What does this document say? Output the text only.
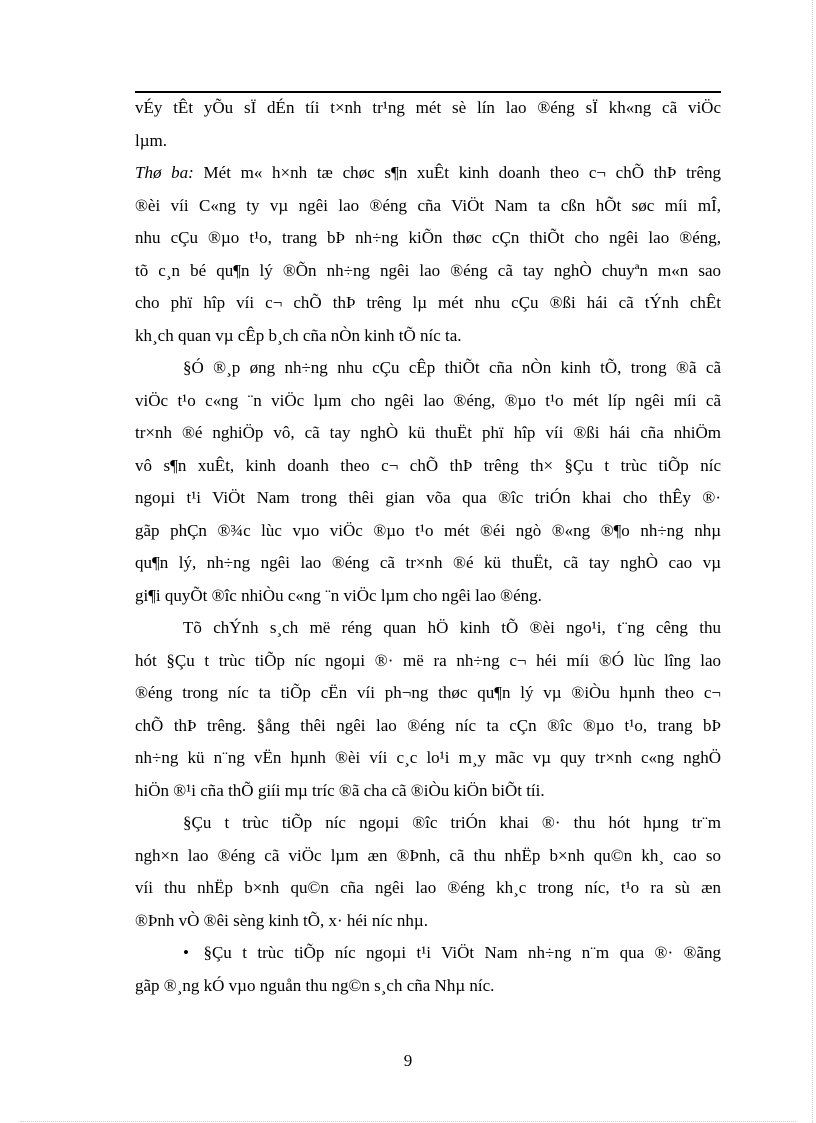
vÉy tÊt yÕu sÏ dÉn tíi t×nh tr¹ng mét sè lín lao ®éng sÏ kh«ng cã viÖc
lµm.
Thø ba: Mét m« h×nh tæ chøc s¶n xuÊt kinh doanh theo c¬ chÕ thÞ trêng
®èi víi C«ng ty vµ ngêi lao ®éng cña ViÖt Nam ta cßn hÕt søc míi mÎ,
nhu cÇu ®µo t¹o, trang bÞ nh÷ng kiÕn thøc cÇn thiÕt cho ngêi lao ®éng,
tõ c¸n bé qu¶n lý ®Õn nh÷ng ngêi lao ®éng cã tay nghÒ chuyªn m«n sao
cho phï hîp víi c¬ chÕ thÞ trêng lµ mét nhu cÇu ®ßi hái cã tÝnh chÊt
kh¸ch quan vµ cÊp b¸ch cña nÒn kinh tÕ níc ta.
§Ó ®¸p øng nh÷ng nhu cÇu cÊp thiÕt cña nÒn kinh tÕ, trong ®ã cã
viÖc t¹o c«ng ¨n viÖc lµm cho ngêi lao ®éng, ®µo t¹o mét líp ngêi míi cã
tr×nh ®é nghiÖp vô, cã tay nghÒ kü thuËt phï hîp víi ®ßi hái cña nhiÖm
vô s¶n xuÊt, kinh doanh theo c¬ chÕ thÞ trêng th× §Çu t trùc tiÕp níc
ngoµi t¹i ViÖt Nam trong thêi gian võa qua ®îc triÓn khai cho thÊy ®·
gãp phÇn ®¾c lùc vµo viÖc ®µo t¹o mét ®éi ngò ®«ng ®¶o nh÷ng nhµ
qu¶n lý, nh÷ng ngêi lao ®éng cã tr×nh ®é kü thuËt, cã tay nghÒ cao vµ
gi¶i quyÕt ®îc nhiÒu c«ng ¨n viÖc lµm cho ngêi lao ®éng.
Tõ chÝnh s¸ch më réng quan hÖ kinh tÕ ®èi ngo¹i, t¨ng cêng thu
hót §Çu t trùc tiÕp níc ngoµi ®· më ra nh÷ng c¬ héi míi ®Ó lùc lîng lao
®éng trong níc ta tiÕp cËn víi ph¬ng thøc qu¶n lý vµ ®iÒu hµnh theo c¬
chÕ thÞ trêng. §ång thêi ngêi lao ®éng níc ta cÇn ®îc ®µo t¹o, trang bÞ
nh÷ng kü n¨ng vËn hµnh ®èi víi c¸c lo¹i m¸y mãc vµ quy tr×nh c«ng nghÖ
hiÖn ®¹i cña thÕ giíi mµ tríc ®ã cha cã ®iÒu kiÖn biÕt tíi.
§Çu t trùc tiÕp níc ngoµi ®îc triÓn khai ®· thu hót hµng tr¨m
ngh×n lao ®éng cã viÖc lµm æn ®Þnh, cã thu nhËp b×nh qu©n kh¸ cao so
víi thu nhËp b×nh qu©n cña ngêi lao ®éng kh¸c trong níc, t¹o ra sù æn
®Þnh vÒ ®êi sèng kinh tÕ, x· héi níc nhµ.
• §Çu t trùc tiÕp níc ngoµi t¹i ViÖt Nam nh÷ng n¨m qua ®· ®ãng
gãp ®¸ng kÓ vµo nguån thu ng©n s¸ch cña Nhµ níc.
9
